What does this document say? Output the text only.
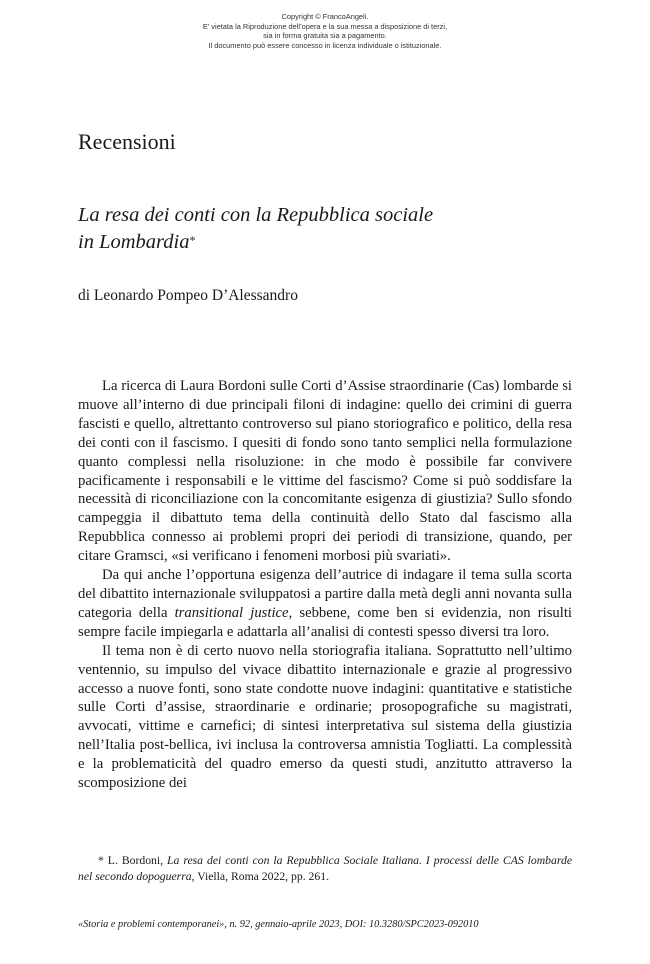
Copyright © FrancoAngeli.
E’ vietata la Riproduzione dell’opera e la sua messa a disposizione di terzi,
sia in forma gratuita sia a pagamento.
Il documento può essere concesso in licenza individuale o istituzionale.
Recensioni
La resa dei conti con la Repubblica sociale
in Lombardia*
di Leonardo Pompeo D’Alessandro

La ricerca di Laura Bordoni sulle Corti d’Assise straordinarie (Cas) lombarde si muove all’interno di due principali filoni di indagine: quello dei crimini di guerra fascisti e quello, altrettanto controverso sul piano storiografico e politico, della resa dei conti con il fascismo. I quesiti di fondo sono tanto semplici nella formulazione quanto complessi nella risoluzione: in che modo è possibile far convivere pacificamente i responsabili e le vittime del fascismo? Come si può soddisfare la necessità di riconciliazione con la concomitante esigenza di giustizia? Sullo sfondo campeggia il dibattuto tema della continuità dello Stato dal fascismo alla Repubblica connesso ai problemi propri dei periodi di transizione, quando, per citare Gramsci, «si verificano i fenomeni morbosi più svariati».

Da qui anche l’opportuna esigenza dell’autrice di indagare il tema sulla scorta del dibattito internazionale sviluppatosi a partire dalla metà degli anni novanta sulla categoria della transitional justice, sebbene, come ben si evidenzia, non risulti sempre facile impiegarla e adattarla all’analisi di contesti spesso diversi tra loro.

Il tema non è di certo nuovo nella storiografia italiana. Soprattutto nell’ultimo ventennio, su impulso del vivace dibattito internazionale e grazie al progressivo accesso a nuove fonti, sono state condotte nuove indagini: quantitative e statistiche sulle Corti d’assise, straordinarie e ordinarie; prosopografiche su magistrati, avvocati, vittime e carnefici; di sintesi interpretativa sul sistema della giustizia nell’Italia post-bellica, ivi inclusa la controversa amnistia Togliatti. La complessità e la problematicità del quadro emerso da questi studi, anzitutto attraverso la scomposizione dei

* L. Bordoni, La resa dei conti con la Repubblica Sociale Italiana. I processi delle CAS lombarde nel secondo dopoguerra, Viella, Roma 2022, pp. 261.

«Storia e problemi contemporanei», n. 92, gennaio-aprile 2023, DOI: 10.3280/SPC2023-092010
